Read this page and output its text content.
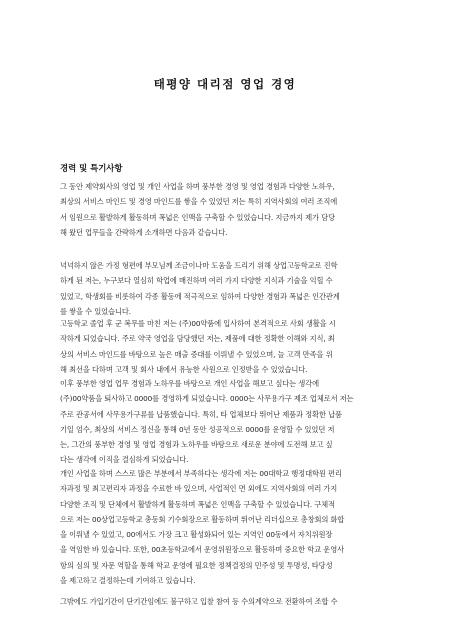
태평양 대리점 영업 경영
경력 및 특기사항
그 동안 제약회사의 영업 및 개인 사업을 하며 풍부한 경영 및 영업 경험과 다양한 노하우,
최상의 서비스 마인드 및 경영 마인드를 쌓을 수 있었던 저는 특히 지역사회의 여러 조직에
서 임원으로 활발하게 활동하며 폭넓은 인맥을 구축할 수 있었습니다. 지금까지 제가 담당
해 왔던 업무들을 간략하게 소개하면 다음과 같습니다.
넉넉하지 않은 가정 형편에 부모님께 조금이나마 도움을 드리기 위해 상업고등학교로 진학
하게 된 저는, 누구보다 열심히 학업에 매진하며 여러 가지 다양한 지식과 기술을 익힐 수
있었고, 학생회를 비롯하여 각종 활동에 적극적으로 임하여 다양한 경험과 폭넓은 인간관계
를 쌓을 수 있었습니다.
고등학교 졸업 후 군 복무를 마친 저는 (주)00약품에 입사하여 본격적으로 사회 생활을 시
작하게 되었습니다. 주로 약국 영업을 담당했던 저는, 제품에 대한 정확한 이해와 지식, 최
상의 서비스 마인드를 바탕으로 높은 매출 증대를 이뤄낼 수 있었으며, 늘 고객 만족을 위
해 최선을 다하며 고객 및 회사 내에서 유능한 사원으로 인정받을 수 있었습니다.
이후 풍부한 영업 업무 경험과 노하우를 바탕으로 개인 사업을 해보고 싶다는 생각에
(주)00약품을 퇴사하고 0000를 경영하게 되었습니다. 0000는 사무용가구 제조 업체로서 저는
주로 관공서에 사무용가구류를 납품했습니다. 특히, 타 업체보다 뛰어난 제품과 정확한 납품
기일 엄수, 최상의 서비스 정신을 통해 0년 동안 성공적으로 0000를 운영할 수 있었던 저
는, 그간의 풍부한 경영 및 영업 경험과 노하우를 바탕으로 새로운 분야에 도전해 보고 싶
다는 생각에 이직을 결심하게 되었습니다.
개인 사업을 하며 스스로 많은 부분에서 부족하다는 생각에 저는 00대학교 행정대학원 편리
자과정 및 최고편리자 과정을 수료한 바 있으며, 사업적인 면 외에도 지역사회의 여러 가지
다양한 조직 및 단체에서 활발하게 활동하며 폭넓은 인맥을 구축할 수 있었습니다. 구체적
으로 저는 00상업고등학교 총동회 기수회장으로 활동하며 뛰어난 리더십으로 총창회의 화합
을 이뤄낼 수 있었고, 00에서도 가장 크고 활성화되어 있는 지역인 00동에서 자치위원장
을 역임한 바 있습니다. 또한, 00초등학교에서 운영위원장으로 활동하며 중요한 학교 운영사
항의 심의 및 자문 역할을 통해 학교 운영에 필요한 정책결정의 민주성 및 투명성, 타당성
을 제고하고 결정하는데 기여하고 있습니다.
그밖에도 가입기간이 단기간임에도 불구하고 입찰 참여 등 수의계약으로 전환하여 조합 수
